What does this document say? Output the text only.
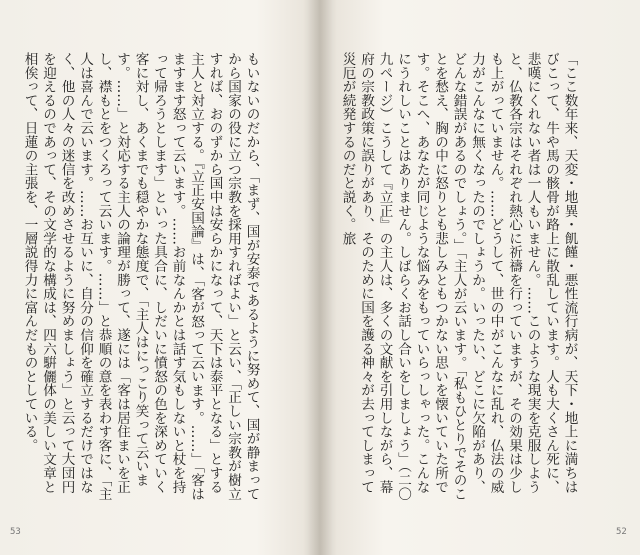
もいないのだから、「まず、国が安泰であるように努めて、国が静まってから国家の役に立つ宗教を採用すればよい」と云い、「正しい宗教が樹立すれば、おのずから国中は安らかになって、天下は泰平となる」とする主人と対立する。『立正安国論』は、「客が怒って云います。……」「客はますます怒って云います。……お前なんかとは話す気もしないと杖を持って帰ろうとします」といった具合に、しだいに憤怒の色を深めていく客に対し、あくまでも穏やかな態度で、「主人はにっこり笑って云います。……」と対応する主人の論理が勝って、遂には「客は居住まいを正し、襟もとをつくろって云います。……」と恭順の意を表わす客に、「主人は喜んで云います。……お互いに、自分の信仰を確立するだけではなく、他の人々の迷信を改めさせるように努めましょう」と云って大団円を迎えるのであって、その文学的な構成は、四六騈儷体の美しい文章と相俟って、日蓮の主張を、一層説得力に富んだものとしている。	「ここ数年来、天変・地異・飢饉・悪性流行病が、天下・地上に満ちはびこって、牛や馬の骸骨が路上に散乱しています。人も大くさん死に、悲嘆にくれない者は一人もいません。……このような現実を克服しようと、仏教各宗はそれぞれ熱心に祈禱を行っていますが、その効果は少しも上がっていません。……どうして、世の中がこんなに乱れ、仏法の威力がこんなに無くなったのでしょうか。いったい、どこに欠陥があり、どんな錯誤があるのでしょう。」「主人が云います。「私もひとりでそのことを愁え、胸の中に怒りとも悲しみともつかない思いを懐いていた所です。そこへ、あなたが同じような悩みをもっていらっしゃった。こんなにうれしいことはありません。しばらくお話し合いをしましょう」（二〇九ページ）こうして『立正』の主人は、多くの文献を引用しながら、幕府の宗教政策に誤りがあり、そのために国を護る神々が去ってしまって災厄が続発するのだと説く。旅

53	52
